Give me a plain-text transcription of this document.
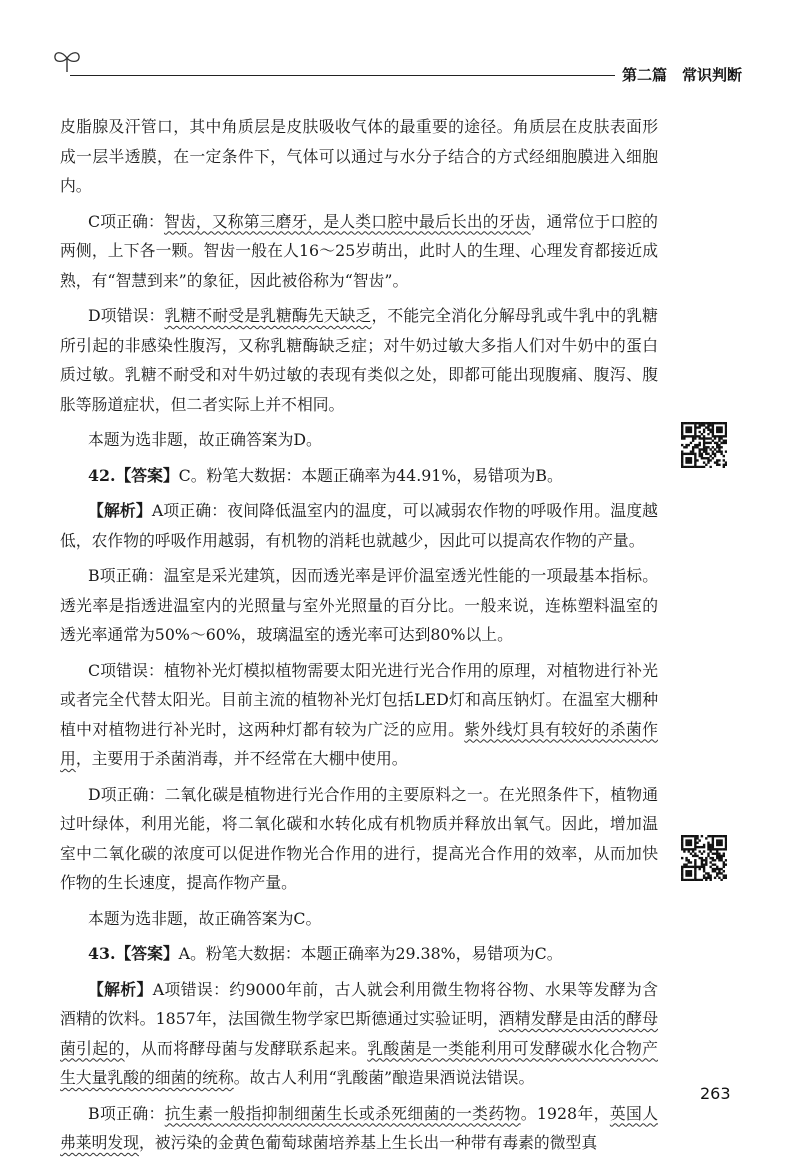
第二篇　常识判断

皮脂腺及汗管口，其中角质层是皮肤吸收气体的最重要的途径。角质层在皮肤表面形成一层半透膜，在一定条件下，气体可以通过与水分子结合的方式经细胞膜进入细胞内。

C项正确：智齿，又称第三磨牙，是人类口腔中最后长出的牙齿，通常位于口腔的两侧，上下各一颗。智齿一般在人16～25岁萌出，此时人的生理、心理发育都接近成熟，有“智慧到来”的象征，因此被俗称为“智齿”。

D项错误：乳糖不耐受是乳糖酶先天缺乏，不能完全消化分解母乳或牛乳中的乳糖所引起的非感染性腹泻，又称乳糖酶缺乏症；对牛奶过敏大多指人们对牛奶中的蛋白质过敏。乳糖不耐受和对牛奶过敏的表现有类似之处，即都可能出现腹痛、腹泻、腹胀等肠道症状，但二者实际上并不相同。

本题为选非题，故正确答案为D。

42.【答案】C。粉笔大数据：本题正确率为44.91%，易错项为B。

【解析】A项正确：夜间降低温室内的温度，可以减弱农作物的呼吸作用。温度越低，农作物的呼吸作用越弱，有机物的消耗也就越少，因此可以提高农作物的产量。

B项正确：温室是采光建筑，因而透光率是评价温室透光性能的一项最基本指标。透光率是指透进温室内的光照量与室外光照量的百分比。一般来说，连栋塑料温室的透光率通常为50%～60%，玻璃温室的透光率可达到80%以上。

C项错误：植物补光灯模拟植物需要太阳光进行光合作用的原理，对植物进行补光或者完全代替太阳光。目前主流的植物补光灯包括LED灯和高压钠灯。在温室大棚种植中对植物进行补光时，这两种灯都有较为广泛的应用。紫外线灯具有较好的杀菌作用，主要用于杀菌消毒，并不经常在大棚中使用。

D项正确：二氧化碳是植物进行光合作用的主要原料之一。在光照条件下，植物通过叶绿体，利用光能，将二氧化碳和水转化成有机物质并释放出氧气。因此，增加温室中二氧化碳的浓度可以促进作物光合作用的进行，提高光合作用的效率，从而加快作物的生长速度，提高作物产量。

本题为选非题，故正确答案为C。

43.【答案】A。粉笔大数据：本题正确率为29.38%，易错项为C。

【解析】A项错误：约9000年前，古人就会利用微生物将谷物、水果等发酵为含酒精的饮料。1857年，法国微生物学家巴斯德通过实验证明，酒精发酵是由活的酵母菌引起的，从而将酵母菌与发酵联系起来。乳酸菌是一类能利用可发酵碳水化合物产生大量乳酸的细菌的统称。故古人利用“乳酸菌”酿造果酒说法错误。

B项正确：抗生素一般指抑制细菌生长或杀死细菌的一类药物。1928年，英国人弗莱明发现，被污染的金黄色葡萄球菌培养基上生长出一种带有毒素的微型真

263
